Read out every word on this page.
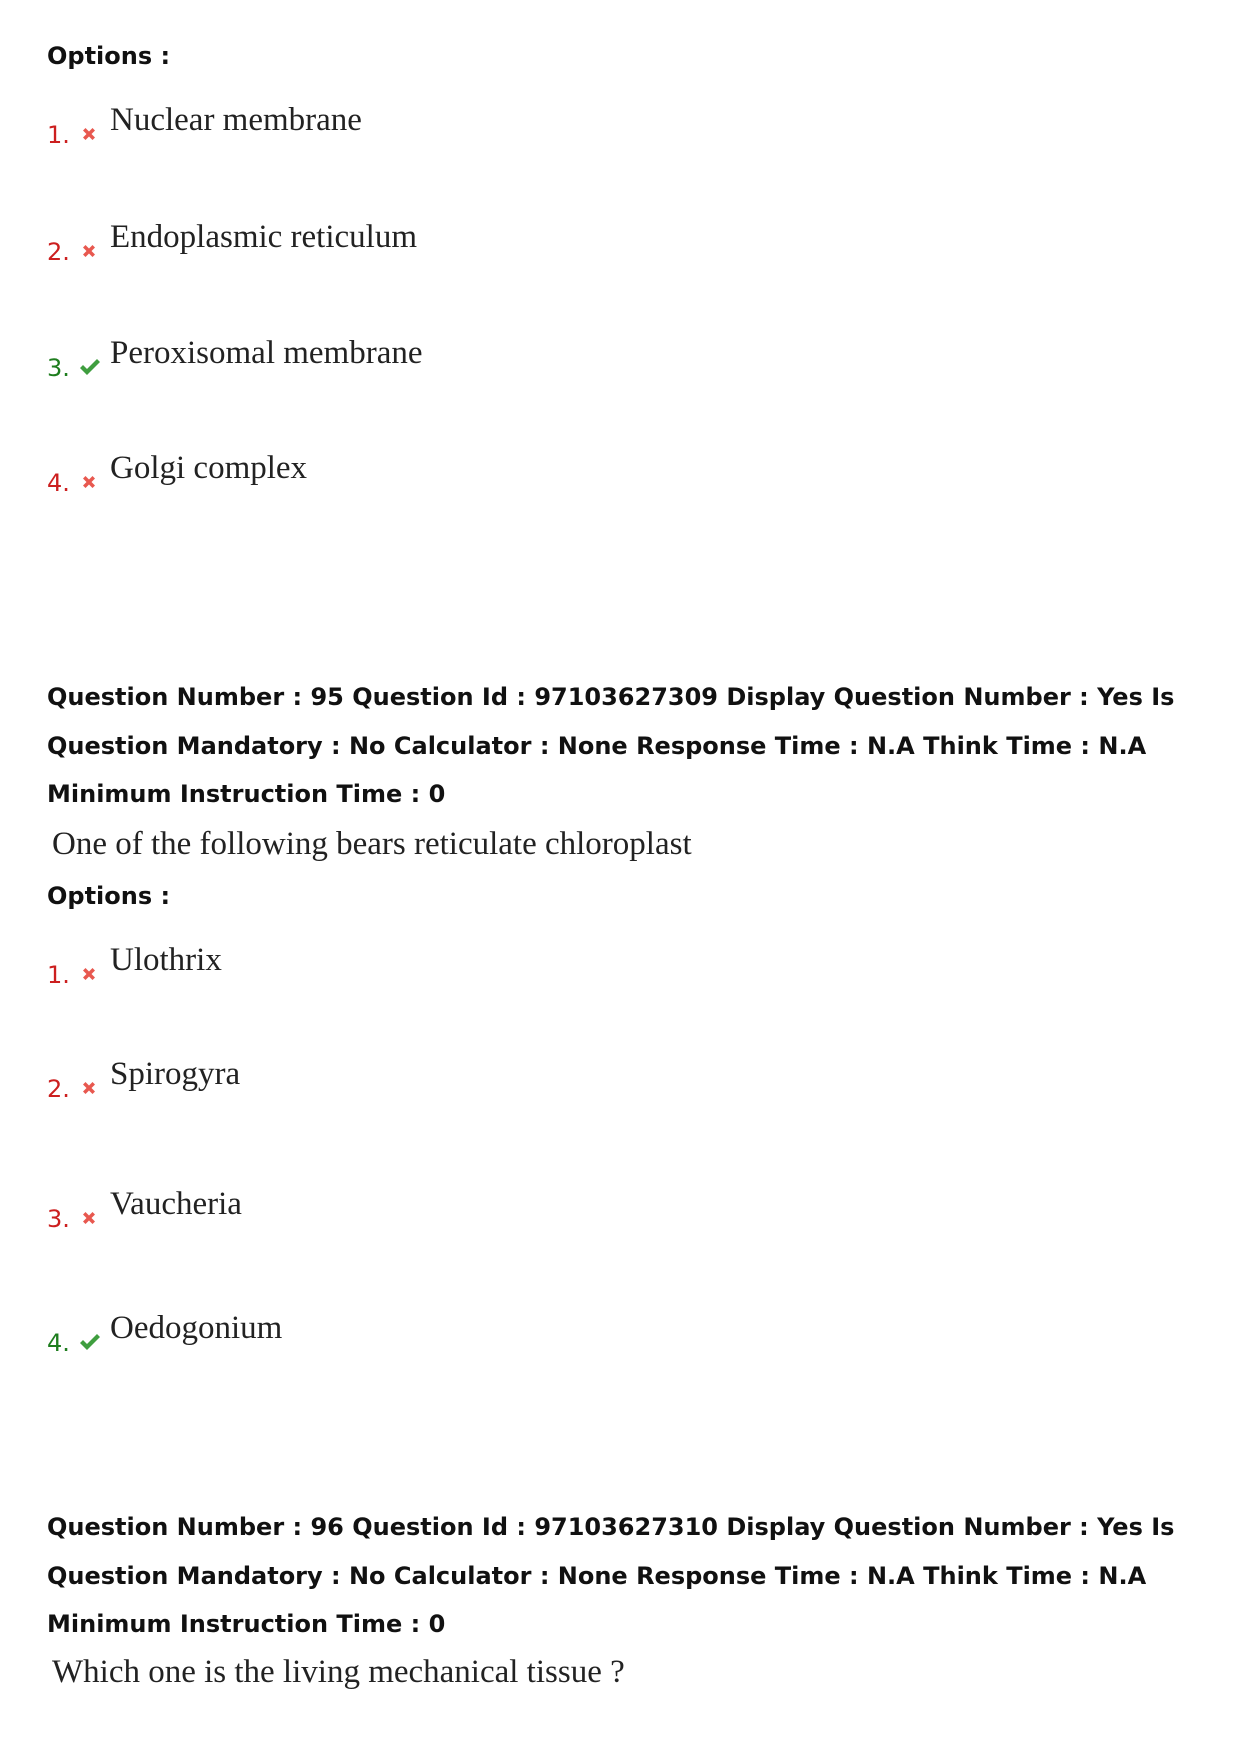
Options :
1. Nuclear membrane
2. Endoplasmic reticulum
3. Peroxisomal membrane
4. Golgi complex

Question Number : 95 Question Id : 97103627309 Display Question Number : Yes Is Question Mandatory : No Calculator : None Response Time : N.A Think Time : N.A Minimum Instruction Time : 0

One of the following bears reticulate chloroplast

Options :
1. Ulothrix
2. Spirogyra
3. Vaucheria
4. Oedogonium

Question Number : 96 Question Id : 97103627310 Display Question Number : Yes Is Question Mandatory : No Calculator : None Response Time : N.A Think Time : N.A Minimum Instruction Time : 0

Which one is the living mechanical tissue ?
